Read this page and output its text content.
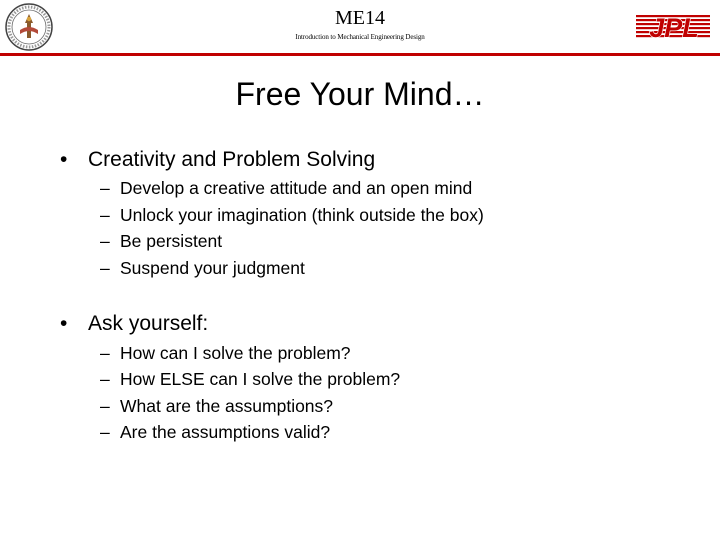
ME14
Introduction to Mechanical Engineering Design	JPL
Free Your Mind…
• Creativity and Problem Solving
– Develop a creative attitude and an open mind
– Unlock your imagination (think outside the box)
– Be persistent
– Suspend your judgment
• Ask yourself:
– How can I solve the problem?
– How ELSE can I solve the problem?
– What are the assumptions?
– Are the assumptions valid?
